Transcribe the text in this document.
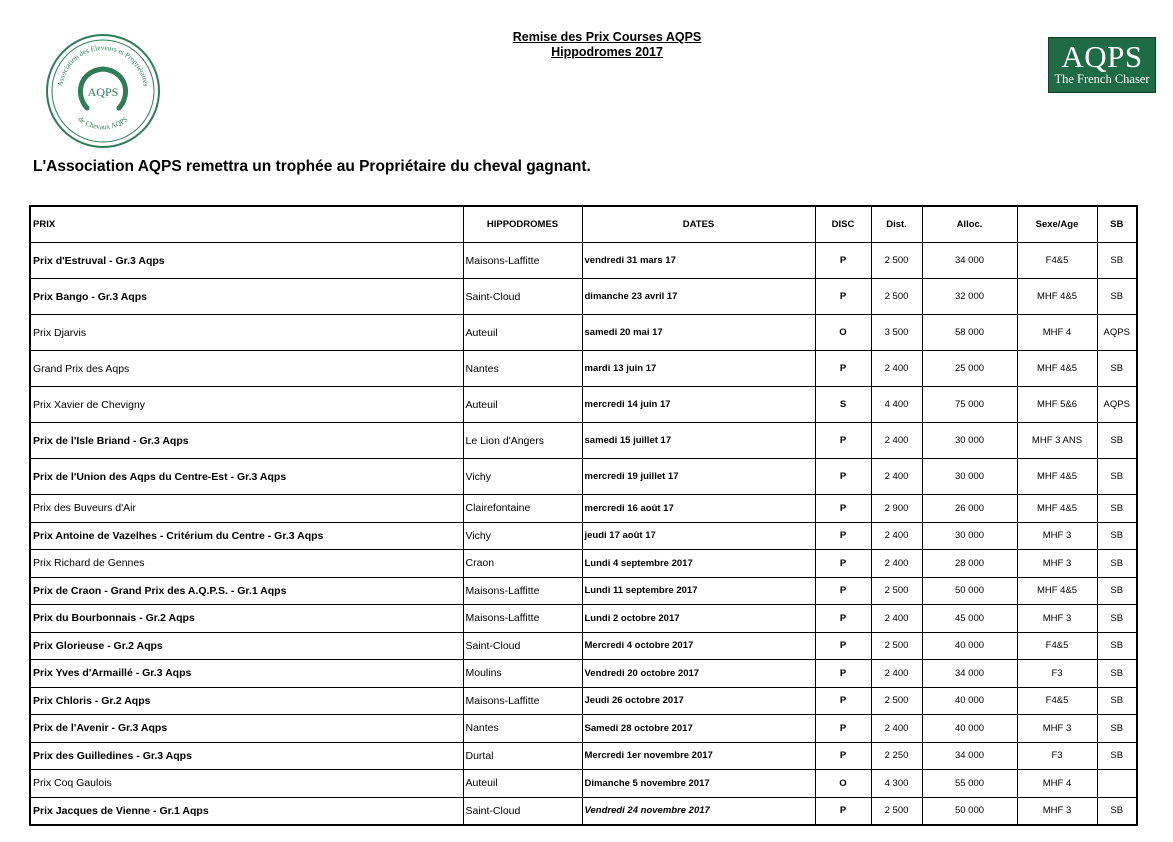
Association des Eleveurs et Propriétaires
de Chevaux AQPS
AQPS
Remise des Prix Courses AQPS
Hippodromes 2017	AQPS
The French Chaser
L'Association AQPS remettra un trophée au Propriétaire du cheval gagnant.
PRIX	HIPPODROMES	DATES	DISC	Dist.	Alloc.	Sexe/Age	SB
Prix d'Estruval - Gr.3 Aqps	Maisons-Laffitte	vendredi 31 mars 17	P	2 500	34 000	F4&5	SB
Prix Bango - Gr.3 Aqps	Saint-Cloud	dimanche 23 avril 17	P	2 500	32 000	MHF 4&5	SB
Prix Djarvis	Auteuil	samedi 20 mai 17	O	3 500	58 000	MHF 4	AQPS
Grand Prix des Aqps	Nantes	mardi 13 juin 17	P	2 400	25 000	MHF 4&5	SB
Prix Xavier de Chevigny	Auteuil	mercredi 14 juin 17	S	4 400	75 000	MHF 5&6	AQPS
Prix de l'Isle Briand - Gr.3 Aqps	Le Lion d'Angers	samedi 15 juillet 17	P	2 400	30 000	MHF 3 ANS	SB
Prix de l'Union des Aqps du Centre-Est - Gr.3 Aqps	Vichy	mercredi 19 juillet 17	P	2 400	30 000	MHF 4&5	SB
Prix des Buveurs d'Air	Clairefontaine	mercredi 16 août 17	P	2 900	26 000	MHF 4&5	SB
Prix Antoine de Vazelhes - Critérium du Centre - Gr.3 Aqps	Vichy	jeudi 17 août 17	P	2 400	30 000	MHF 3	SB
Prix Richard de Gennes	Craon	Lundi 4 septembre 2017	P	2 400	28 000	MHF 3	SB
Prix de Craon - Grand Prix des A.Q.P.S. - Gr.1 Aqps	Maisons-Laffitte	Lundi 11 septembre 2017	P	2 500	50 000	MHF 4&5	SB
Prix du Bourbonnais - Gr.2 Aqps	Maisons-Laffitte	Lundi 2 octobre 2017	P	2 400	45 000	MHF 3	SB
Prix Glorieuse - Gr.2 Aqps	Saint-Cloud	Mercredi 4 octobre 2017	P	2 500	40 000	F4&5	SB
Prix Yves d'Armaillé - Gr.3 Aqps	Moulins	Vendredi 20 octobre 2017	P	2 400	34 000	F3	SB
Prix Chloris - Gr.2 Aqps	Maisons-Laffitte	Jeudi 26 octobre 2017	P	2 500	40 000	F4&5	SB
Prix de l'Avenir - Gr.3 Aqps	Nantes	Samedi 28 octobre 2017	P	2 400	40 000	MHF 3	SB
Prix des Guilledines - Gr.3 Aqps	Durtal	Mercredi 1er novembre 2017	P	2 250	34 000	F3	SB
Prix Coq Gaulois	Auteuil	Dimanche 5 novembre 2017	O	4 300	55 000	MHF 4	
Prix Jacques de Vienne - Gr.1 Aqps	Saint-Cloud	Vendredi 24 novembre 2017	P	2 500	50 000	MHF 3	SB
